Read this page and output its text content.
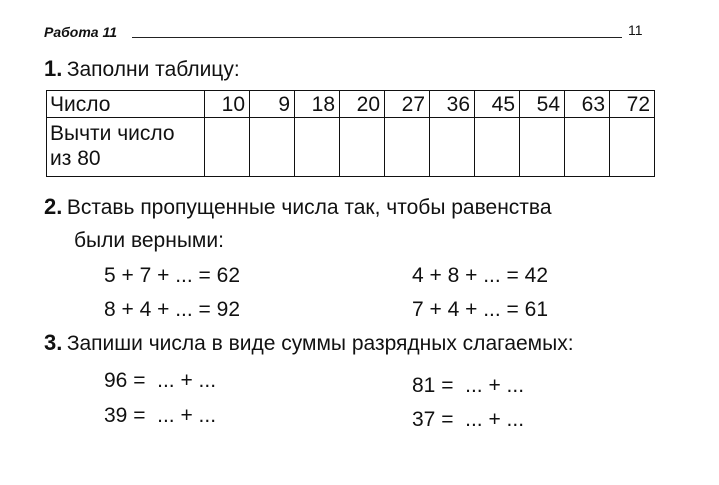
Работа 11	11
1. Заполни таблицу:
Число	10	9	18	20	27	36	45	54	63	72
Вычти число
из 80										
2. Вставь пропущенные числа так, чтобы равенства
были верными:
5 + 7 + ... = 62	4 + 8 + ... = 42
8 + 4 + ... = 92	7 + 4 + ... = 61
3. Запиши числа в виде суммы разрядных слагаемых:
96 =  ... + ...	81 =  ... + ...
39 =  ... + ...	37 =  ... + ...
